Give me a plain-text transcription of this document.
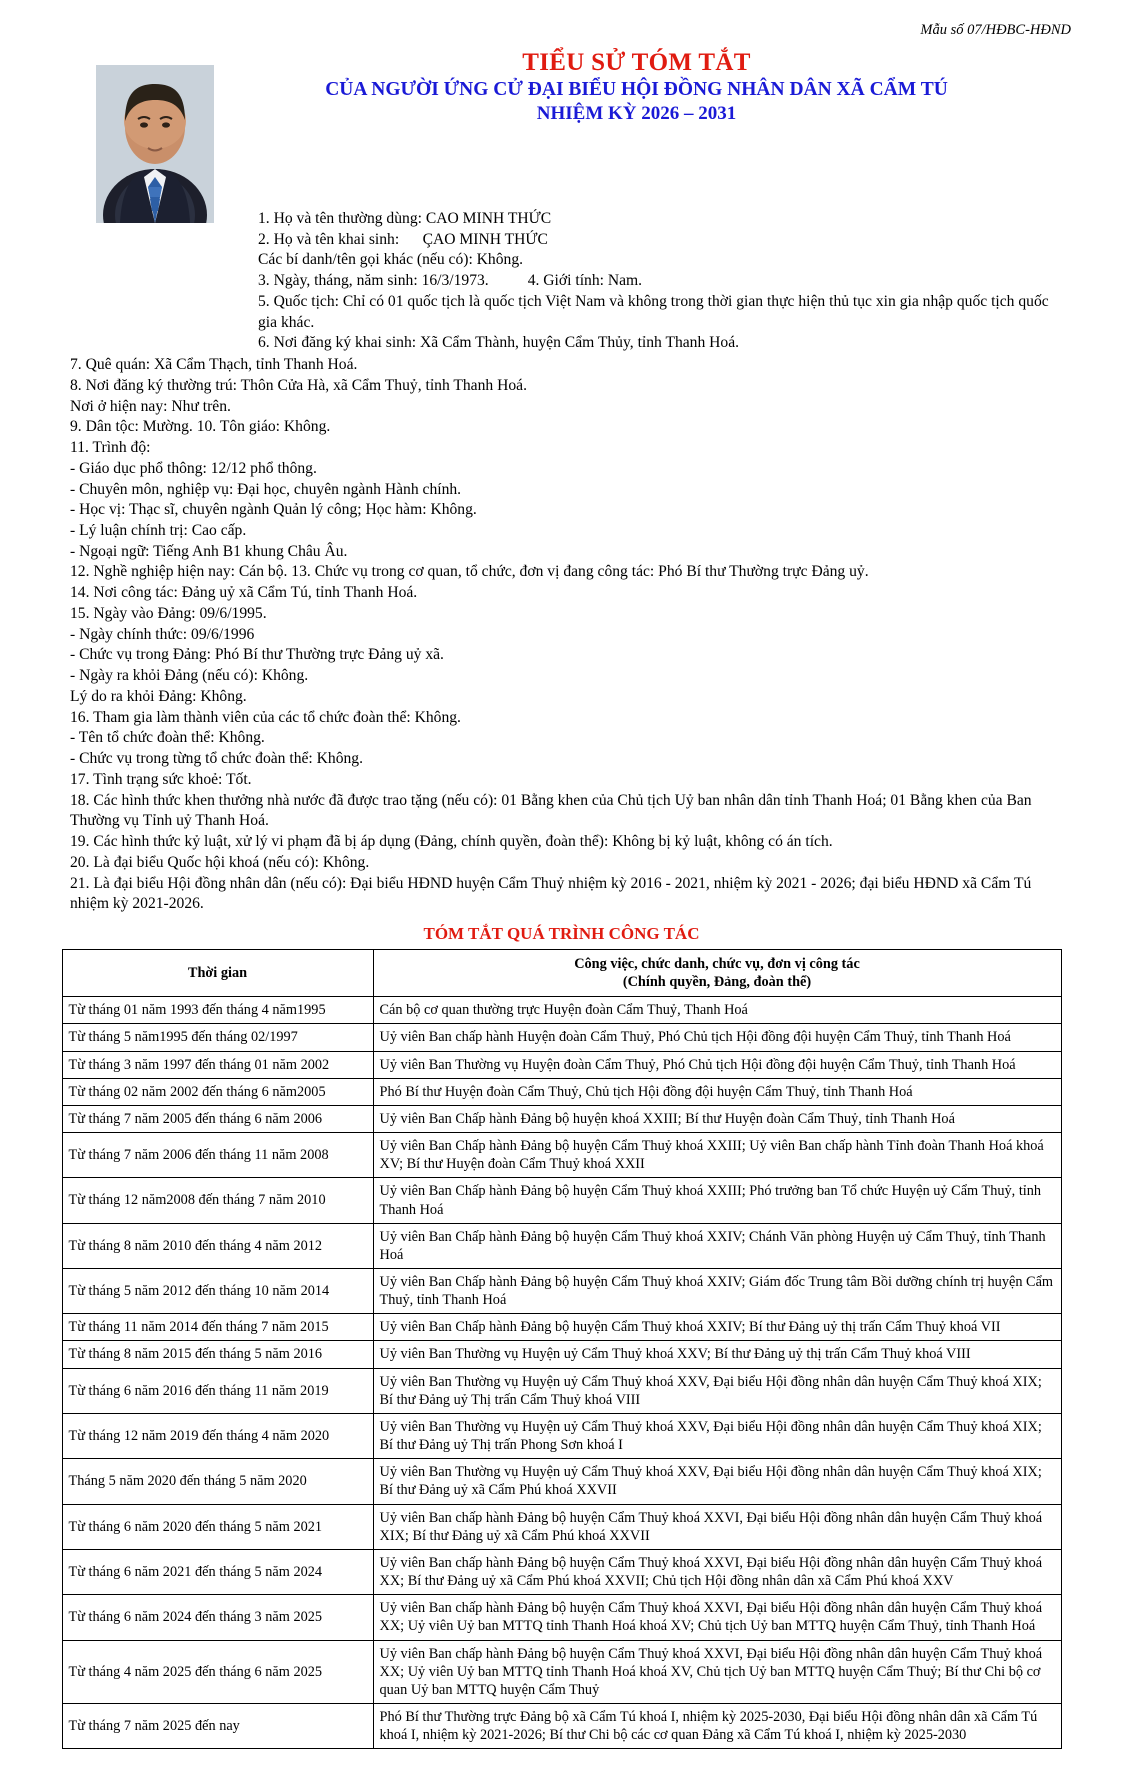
Mẫu số 07/HĐBC-HĐND
TIỂU SỬ TÓM TẮT
CỦA NGƯỜI ỨNG CỬ ĐẠI BIỂU HỘI ĐỒNG NHÂN DÂN XÃ CẨM TÚ
NHIỆM KỲ 2026 – 2031
1. Họ và tên thường dùng: CAO MINH THỨC
2. Họ và tên khai sinh:      ÇAO MINH THỨC
Các bí danh/tên gọi khác (nếu có): Không.
3. Ngày, tháng, năm sinh: 16/3/1973.          4. Giới tính: Nam.
5. Quốc tịch: Chỉ có 01 quốc tịch là quốc tịch Việt Nam và không trong thời gian thực hiện thủ tục xin gia nhập quốc tịch quốc gia khác.
6. Nơi đăng ký khai sinh: Xã Cẩm Thành, huyện Cẩm Thủy, tỉnh Thanh Hoá.

7. Quê quán: Xã Cẩm Thạch, tỉnh Thanh Hoá.

8. Nơi đăng ký thường trú: Thôn Cửa Hà, xã Cẩm Thuỷ, tỉnh Thanh Hoá.

Nơi ở hiện nay: Như trên.

9. Dân tộc: Mường. 10. Tôn giáo: Không.

11. Trình độ:

- Giáo dục phổ thông: 12/12 phổ thông.

- Chuyên môn, nghiệp vụ: Đại học, chuyên ngành Hành chính.

- Học vị: Thạc sĩ, chuyên ngành Quản lý công; Học hàm: Không.

- Lý luận chính trị: Cao cấp.

- Ngoại ngữ: Tiếng Anh B1 khung Châu Âu.

12. Nghề nghiệp hiện nay: Cán bộ. 13. Chức vụ trong cơ quan, tổ chức, đơn vị đang công tác: Phó Bí thư Thường trực Đảng uỷ.

14. Nơi công tác: Đảng uỷ xã Cẩm Tú, tỉnh Thanh Hoá.

15. Ngày vào Đảng: 09/6/1995.

- Ngày chính thức: 09/6/1996

- Chức vụ trong Đảng: Phó Bí thư Thường trực Đảng uỷ xã.

- Ngày ra khỏi Đảng (nếu có): Không.

Lý do ra khỏi Đảng: Không.

16. Tham gia làm thành viên của các tổ chức đoàn thể: Không.

- Tên tổ chức đoàn thể: Không.

- Chức vụ trong từng tổ chức đoàn thể: Không.

17. Tình trạng sức khoẻ: Tốt.

18. Các hình thức khen thưởng nhà nước đã được trao tặng (nếu có): 01 Bằng khen của Chủ tịch Uỷ ban nhân dân tỉnh Thanh Hoá; 01 Bằng khen của Ban Thường vụ Tỉnh uỷ Thanh Hoá.

19. Các hình thức kỷ luật, xử lý vi phạm đã bị áp dụng (Đảng, chính quyền, đoàn thể): Không bị kỷ luật, không có án tích.

20. Là đại biểu Quốc hội khoá (nếu có): Không.

21. Là đại biểu Hội đồng nhân dân (nếu có): Đại biểu HĐND huyện Cẩm Thuỷ nhiệm kỳ 2016 - 2021, nhiệm kỳ 2021 - 2026; đại biểu HĐND xã Cẩm Tú nhiệm kỳ 2021-2026.

TÓM TẮT QUÁ TRÌNH CÔNG TÁC
Thời gian	Công việc, chức danh, chức vụ, đơn vị công tác
(Chính quyền, Đảng, đoàn thể)

Từ tháng 01 năm 1993 đến tháng 4 năm1995	Cán bộ cơ quan thường trực Huyện đoàn Cẩm Thuỷ, Thanh Hoá
Từ tháng 5 năm1995 đến tháng 02/1997	Uỷ viên Ban chấp hành Huyện đoàn Cẩm Thuỷ, Phó Chủ tịch Hội đồng đội huyện Cẩm Thuỷ, tỉnh Thanh Hoá
Từ tháng 3 năm 1997 đến tháng 01 năm 2002	Uỷ viên Ban Thường vụ Huyện đoàn Cẩm Thuỷ, Phó Chủ tịch Hội đồng đội huyện Cẩm Thuỷ, tỉnh Thanh Hoá
Từ tháng 02 năm 2002 đến tháng 6 năm2005	Phó Bí thư Huyện đoàn Cẩm Thuỷ, Chủ tịch Hội đồng đội huyện Cẩm Thuỷ, tỉnh Thanh Hoá
Từ tháng 7 năm 2005 đến tháng 6 năm 2006	Uỷ viên Ban Chấp hành Đảng bộ huyện khoá XXIII; Bí thư Huyện đoàn Cẩm Thuỷ, tỉnh Thanh Hoá
Từ tháng 7 năm 2006 đến tháng 11 năm 2008	Uỷ viên Ban Chấp hành Đảng bộ huyện Cẩm Thuỷ khoá XXIII; Uỷ viên Ban chấp hành Tỉnh đoàn Thanh Hoá khoá XV; Bí thư Huyện đoàn Cẩm Thuỷ khoá XXII
Từ tháng 12 năm2008 đến tháng 7 năm 2010	Uỷ viên Ban Chấp hành Đảng bộ huyện Cẩm Thuỷ khoá XXIII; Phó trưởng ban Tổ chức Huyện uỷ Cẩm Thuỷ, tỉnh Thanh Hoá
Từ tháng 8 năm 2010 đến tháng 4 năm 2012	Uỷ viên Ban Chấp hành Đảng bộ huyện Cẩm Thuỷ khoá XXIV; Chánh Văn phòng Huyện uỷ Cẩm Thuỷ, tỉnh Thanh Hoá
Từ tháng 5 năm 2012 đến tháng 10 năm 2014	Uỷ viên Ban Chấp hành Đảng bộ huyện Cẩm Thuỷ khoá XXIV; Giám đốc Trung tâm Bồi dưỡng chính trị huyện Cẩm Thuỷ, tỉnh Thanh Hoá
Từ tháng 11 năm 2014 đến tháng 7 năm 2015	Uỷ viên Ban Chấp hành Đảng bộ huyện Cẩm Thuỷ khoá XXIV; Bí thư Đảng uỷ thị trấn Cẩm Thuỷ khoá VII
Từ tháng 8 năm 2015 đến tháng 5 năm 2016	Uỷ viên Ban Thường vụ Huyện uỷ Cẩm Thuỷ khoá XXV; Bí thư Đảng uỷ thị trấn Cẩm Thuỷ khoá VIII
Từ tháng 6 năm 2016 đến tháng 11 năm 2019	Uỷ viên Ban Thường vụ Huyện uỷ Cẩm Thuỷ khoá XXV, Đại biểu Hội đồng nhân dân huyện Cẩm Thuỷ khoá XIX; Bí thư Đảng uỷ Thị trấn Cẩm Thuỷ khoá VIII
Từ tháng 12 năm 2019 đến tháng 4 năm 2020	Uỷ viên Ban Thường vụ Huyện uỷ Cẩm Thuỷ khoá XXV, Đại biểu Hội đồng nhân dân huyện Cẩm Thuỷ khoá XIX; Bí thư Đảng uỷ Thị trấn Phong Sơn khoá I
Tháng 5 năm 2020 đến tháng 5 năm 2020	Uỷ viên Ban Thường vụ Huyện uỷ Cẩm Thuỷ khoá XXV, Đại biểu Hội đồng nhân dân huyện Cẩm Thuỷ khoá XIX; Bí thư Đảng uỷ xã Cẩm Phú khoá XXVII
Từ tháng 6 năm 2020 đến tháng 5 năm 2021	Uỷ viên Ban chấp hành Đảng bộ huyện Cẩm Thuỷ khoá XXVI, Đại biểu Hội đồng nhân dân huyện Cẩm Thuỷ khoá XIX; Bí thư Đảng uỷ xã Cẩm Phú khoá XXVII
Từ tháng 6 năm 2021 đến tháng 5 năm 2024	Uỷ viên Ban chấp hành Đảng bộ huyện Cẩm Thuỷ khoá XXVI, Đại biểu Hội đồng nhân dân huyện Cẩm Thuỷ khoá XX; Bí thư Đảng uỷ xã Cẩm Phú khoá XXVII; Chủ tịch Hội đồng nhân dân xã Cẩm Phú khoá XXV
Từ tháng 6 năm 2024 đến tháng 3 năm 2025	Uỷ viên Ban chấp hành Đảng bộ huyện Cẩm Thuỷ khoá XXVI, Đại biểu Hội đồng nhân dân huyện Cẩm Thuỷ khoá XX; Uỷ viên Uỷ ban MTTQ tỉnh Thanh Hoá khoá XV; Chủ tịch Uỷ ban MTTQ huyện Cẩm Thuỷ, tỉnh Thanh Hoá
Từ tháng 4 năm 2025 đến tháng 6 năm 2025	Uỷ viên Ban chấp hành Đảng bộ huyện Cẩm Thuỷ khoá XXVI, Đại biểu Hội đồng nhân dân huyện Cẩm Thuỷ khoá XX; Uỷ viên Uỷ ban MTTQ tỉnh Thanh Hoá khoá XV, Chủ tịch Uỷ ban MTTQ huyện Cẩm Thuỷ; Bí thư Chi bộ cơ quan Uỷ ban MTTQ huyện Cẩm Thuỷ
Từ tháng 7 năm 2025 đến nay	Phó Bí thư Thường trực Đảng bộ xã Cẩm Tú khoá I, nhiệm kỳ 2025-2030, Đại biểu Hội đồng nhân dân xã Cẩm Tú khoá I, nhiệm kỳ 2021-2026; Bí thư Chi bộ các cơ quan Đảng xã Cẩm Tú khoá I, nhiệm kỳ 2025-2030
